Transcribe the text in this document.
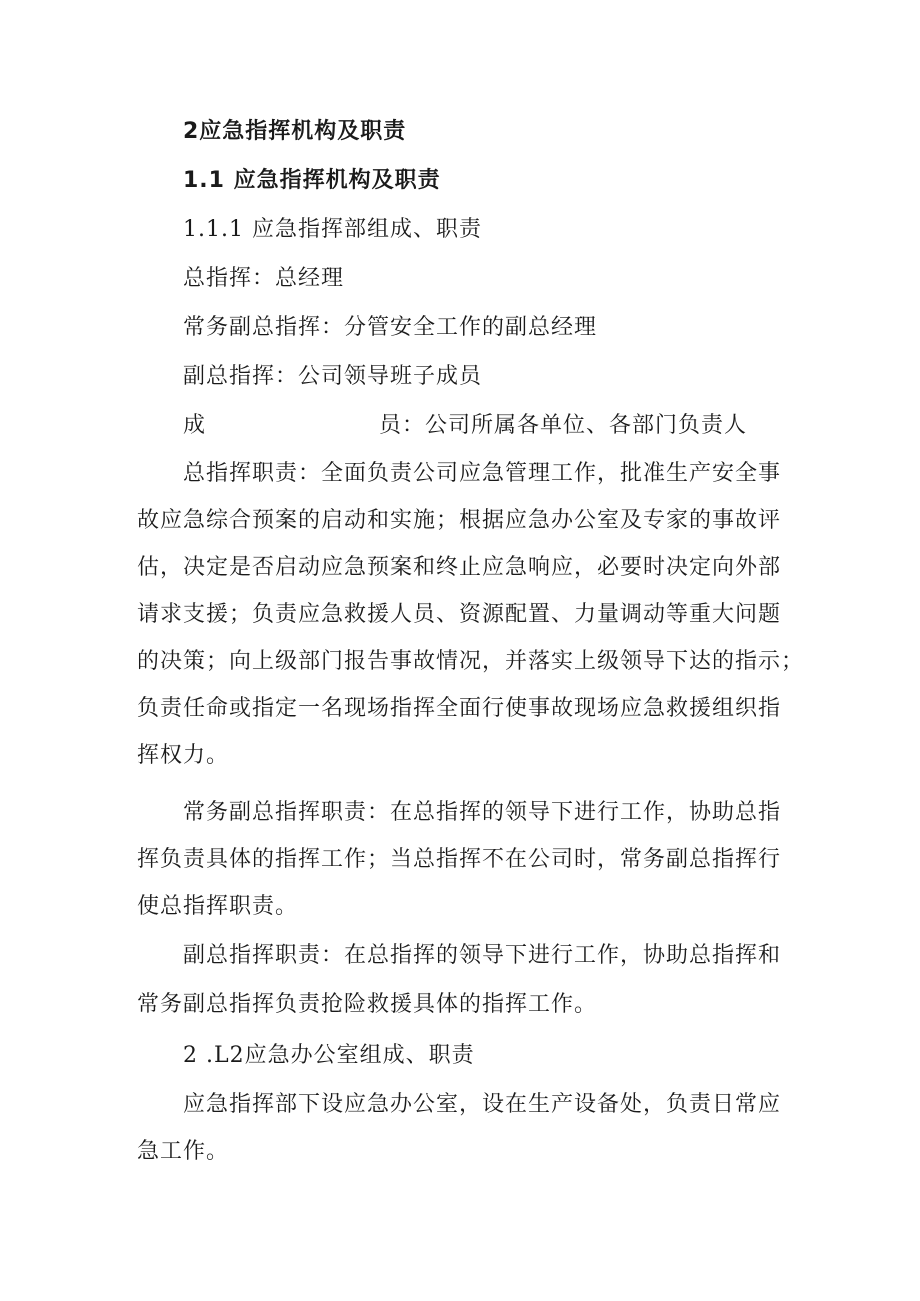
2应急指挥机构及职责
1.1 应急指挥机构及职责
1.1.1 应急指挥部组成、职责
总指挥：总经理
常务副总指挥：分管安全工作的副总经理
副总指挥：公司领导班子成员
成	员：公司所属各单位、各部门负责人
总指挥职责：全面负责公司应急管理工作，批准生产安全事
故应急综合预案的启动和实施；根据应急办公室及专家的事故评
估，决定是否启动应急预案和终止应急响应，必要时决定向外部
请求支援；负责应急救援人员、资源配置、力量调动等重大问题
的决策；向上级部门报告事故情况，并落实上级领导下达的指示；
负责任命或指定一名现场指挥全面行使事故现场应急救援组织指
挥权力。
常务副总指挥职责：在总指挥的领导下进行工作，协助总指
挥负责具体的指挥工作；当总指挥不在公司时，常务副总指挥行
使总指挥职责。
副总指挥职责：在总指挥的领导下进行工作，协助总指挥和
常务副总指挥负责抢险救援具体的指挥工作。
2 .L2应急办公室组成、职责
应急指挥部下设应急办公室，设在生产设备处，负责日常应
急工作。
